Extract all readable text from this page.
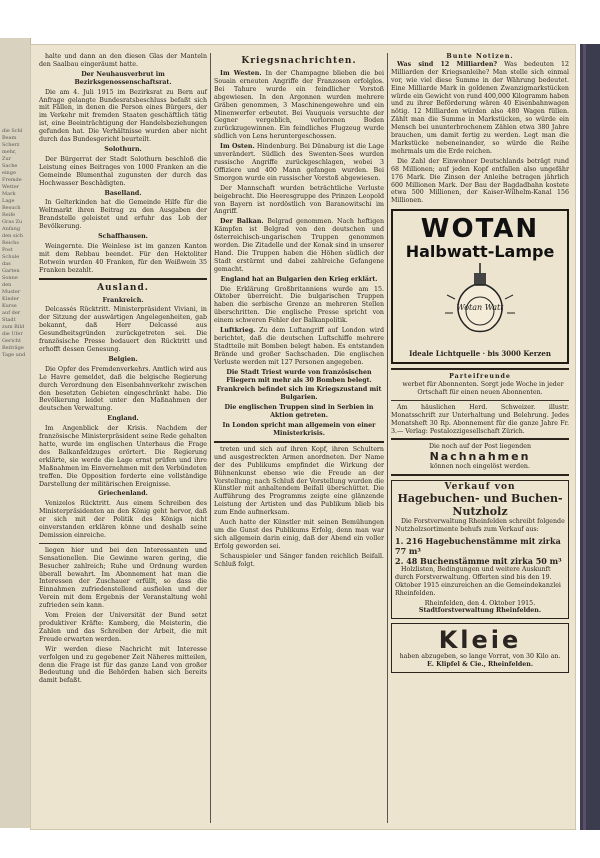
die Schl Beam Scherz mehr, Zur Sache einge Fremde Wetter Mark Lage Besuch Reife Gras Zu Anfang den sich Reichs Post Schule das Garten Sonne den Muster Kinder Kurse auf der Stadt zum Bild die Ufer Gericht Beiträge Tage und

halte und dann an den diesen Glas der Manteln den Saalbau eingeräumt hatte.

Der Neuhausverbrut im Bezirksgenossenschaftsrat.

Die am 4. Juli 1915 im Bezirksrat zu Bern auf Anfrage gelangte Bundesratsbeschluss befaßt sich mit Fällen, in denen die Person eines Bürgers, der im Verkehr mit fremden Staaten geschäftlich tätig ist, eine Beeinträchtigung der Handelsbeziehungen gefunden hat. Die Verhältnisse wurden aber nicht durch das Bundesgericht beurteilt.

Solothurn.

Der Bürgerrat der Stadt Solothurn beschloß die Leistung eines Beitrages von 1000 Franken an die Gemeinde Blumenthal zugunsten der durch das Hochwasser Beschädigten.

Baselland.

In Gelterkinden hat die Gemeinde Hilfe für die Weltmarkt ihren Beitrag zu den Ausgaben der Brandstelle geleistet und erfuhr das Lob der Bevölkerung.

Schaffhausen.

Weingernte. Die Weinlese ist im ganzen Kanton mit dem Rebbau beendet. Für den Hektoliter Rotwein wurden 40 Franken, für den Weißwein 35 Franken bezahlt.

Ausland.
Frankreich.

Delcassés Rücktritt. Ministerpräsident Viviani, in der Sitzung der auswärtigen Angelegenheiten, gab bekannt, daß Herr Delcassé aus Gesundheitsgründen zurückgetreten sei. Die französische Presse bedauert den Rücktritt und erhofft dessen Genesung.

Belgien.

Die Opfer des Fremdenverkehrs. Amtlich wird aus Le Havre gemeldet, daß die belgische Regierung durch Verordnung den Eisenbahnverkehr zwischen den besetzten Gebieten eingeschränkt habe. Die Bevölkerung leidet unter den Maßnahmen der deutschen Verwaltung.

England.

Im Angenblick der Krisis. Nachdem der französische Ministerpräsident seine Rede gehalten hatte, wurde im englischen Unterhaus die Frage des Balkanfeldzuges erörtert. Die Regierung erklärte, sie werde die Lage ernst prüfen und ihre Maßnahmen im Einvernehmen mit den Verbündeten treffen. Die Opposition forderte eine vollständige Darstellung der militärischen Ereignisse.

Griechenland.

Venizelos Rücktritt. Aus einem Schreiben des Ministerpräsidenten an den König geht hervor, daß er sich mit der Politik des Königs nicht einverstanden erklären könne und deshalb seine Demission einreiche.

liegen hier und bei den Interessanten und Sensationellen. Die Gewinne waren gering, die Besucher zahlreich; Ruhe und Ordnung wurden überall bewahrt. Im Abonnement hat man die Interessen der Zuschauer erfüllt, so dass die Einnahmen zufriedenstellend ausfielen und der Verein mit dem Ergebnis der Veranstaltung wohl zufrieden sein kann.

Vom Freien der Universität der Bund setzt produktiver Kräfte: Kamberg, die Meisterin, die Zahlen und das Schreiben der Arbeit, die mit Freude erwarten werden.

Wir werden diese Nachricht mit Interesse verfolgen und zu gegebener Zeit Näheres mitteilen, denn die Frage ist für das ganze Land von großer Bedeutung und die Behörden haben sich bereits damit befaßt.

Kriegsnachrichten.

Im Westen. In der Champagne blieben die bei Souain erneuten Angriffe der Franzosen erfolglos. Bei Tahure wurde ein feindlicher Vorstoß abgewiesen. In den Argonnen wurden mehrere Gräben genommen, 3 Maschinengewehre und ein Minenwerfer erbeutet. Bei Vauquois versuchte der Gegner vergeblich, verlorenen Boden zurückzugewinnen. Ein feindliches Flugzeug wurde südlich von Lens heruntergeschossen.

Im Osten. Hindenburg. Bei Dünaburg ist die Lage unverändert. Südlich des Swenten-Sees wurden russische Angriffe zurückgeschlagen, wobei 3 Offiziere und 400 Mann gefangen wurden. Bei Smorgon wurde ein russischer Vorstoß abgewiesen.

Der Mannschaft wurden beträchtliche Verluste beigebracht. Die Heeresgruppe des Prinzen Leopold von Bayern ist nordöstlich von Baranowitschi im Angriff.

Der Balkan. Belgrad genommen. Nach heftigen Kämpfen ist Belgrad von den deutschen und österreichisch-ungarischen Truppen genommen worden. Die Zitadelle und der Konak sind in unserer Hand. Die Truppen haben die Höhen südlich der Stadt erstürmt und dabei zahlreiche Gefangene gemacht.

England hat an Bulgarien den Krieg erklärt.

Die Erklärung Großbritanniens wurde am 15. Oktober überreicht. Die bulgarischen Truppen haben die serbische Grenze an mehreren Stellen überschritten. Die englische Presse spricht von einem schweren Fehler der Balkanpolitik.

Luftkrieg. Zu dem Luftangriff auf London wird berichtet, daß die deutschen Luftschiffe mehrere Stadtteile mit Bomben belegt haben. Es entstanden Brände und großer Sachschaden. Die englischen Verluste werden mit 127 Personen angegeben.

Die Stadt Triest wurde von französischen Fliegern mit mehr als 30 Bomben belegt.
Frankreich befindet sich im Kriegszustand mit Bulgarien.
Die englischen Truppen sind in Serbien in Aktion getreten.
In London spricht man allgemein von einer Ministerkrisis.

treten und sich auf ihren Kopf, ihren Schultern und ausgestreckten Armen anordneten. Der Name der des Publikums empfindet die Wirkung der Bühnenkunst ebenso wie die Freude an der Vorstellung; nach Schluß der Vorstellung wurden die Künstler mit anhaltendem Beifall überschüttet. Die Aufführung des Programms zeigte eine glänzende Leistung der Artisten und das Publikum blieb bis zum Ende aufmerksam.

Auch hatte der Künstler mit seinen Bemühungen um die Gunst des Publikums Erfolg, denn man war sich allgemein darin einig, daß der Abend ein voller Erfolg geworden sei.

Schauspieler und Sänger fanden reichlich Beifall. Schluß folgt.

Bunte Notizen.

Was sind 12 Milliarden? Was bedeuten 12 Milliarden der Kriegsanleihe? Man stelle sich einmal vor, wie viel diese Summe in der Währung bedeutet. Eine Milliarde Mark in goldenen Zwanzigmarkstücken würde ein Gewicht von rund 400,000 Kilogramm haben und zu ihrer Beförderung wären 40 Eisenbahnwagen nötig. 12 Milliarden würden also 480 Wagen füllen. Zählt man die Summe in Markstücken, so würde ein Mensch bei ununterbrochenem Zählen etwa 380 Jahre brauchen, um damit fertig zu werden. Legt man die Markstücke nebeneinander, so würde die Reihe mehrmals um die Erde reichen.

Die Zahl der Einwohner Deutschlands beträgt rund 68 Millionen; auf jeden Kopf entfallen also ungefähr 176 Mark. Die Zinsen der Anleihe betragen jährlich 600 Millionen Mark. Der Bau der Bagdadbahn kostete etwa 500 Millionen, der Kaiser-Wilhelm-Kanal 156 Millionen.

WOTAN
Halbwatt-Lampe
Wotan Watt
Ideale Lichtquelle · bis 3000 Kerzen
Parteifreunde

werbet für Abonnenten. Sorgt jede Woche in jeder Ortschaft für einen neuen Abonnenten.

Am häuslichen Herd. Schweizer. illustr. Monatsschrift zur Unterhaltung und Belehrung. Jedes Monatsheft 30 Rp. Abonnement für die ganze Jahre Fr. 3.— Verlag: Pestalozzigesellschaft Zürich.

Die noch auf der Post liegenden
Nachnahmen
können noch eingelöst werden.
Verkauf von
Hagebuchen- und Buchen-Nutzholz

Die Forstverwaltung Rheinfelden schreibt folgende Nutzholzsortimente behufs zum Verkauf aus:

1. 216 Hagebuchenstämme mit zirka 77 m³
2. 48 Buchenstämme mit zirka 50 m³

Holzlisten, Bedingungen und weitere Auskunft durch Forstverwaltung. Offerten sind bis den 19. Oktober 1915 einzureichen an die Gemeindekanzlei Rheinfelden.

Rheinfelden, den 4. Oktober 1915.
Stadtforstverwaltung Rheinfelden.
Kleie
haben abzugeben, so lange Vorrat, von 30 Kilo an.
E. Klipfel & Cie., Rheinfelden.
